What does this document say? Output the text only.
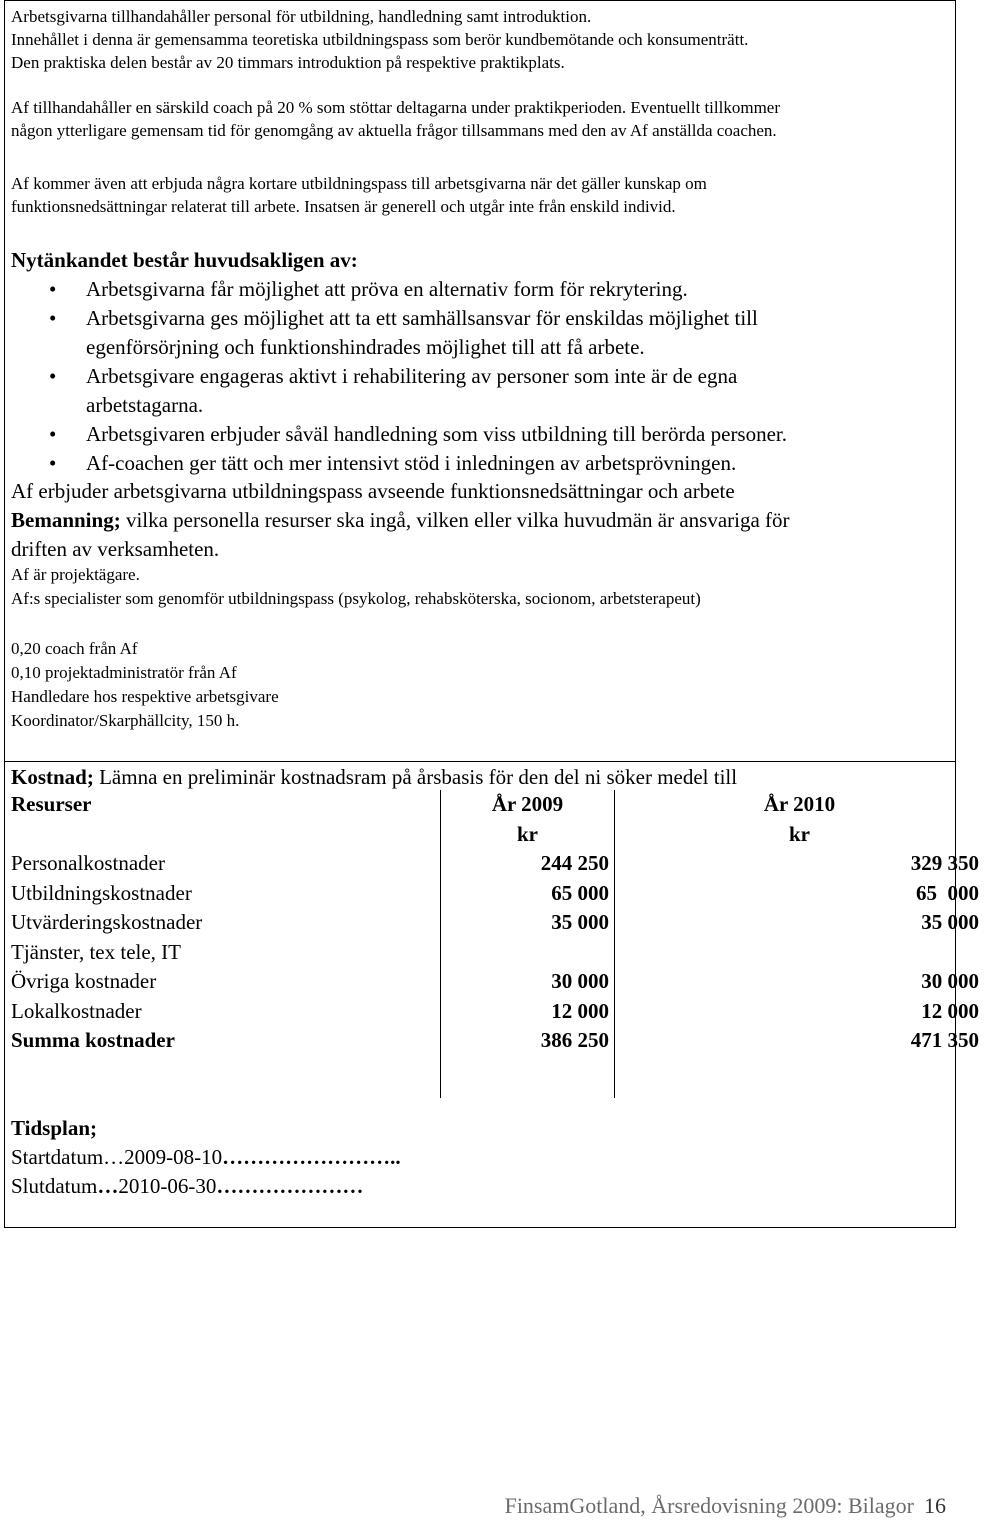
Arbetsgivarna tillhandahåller personal för utbildning, handledning samt introduktion.

Innehållet i denna är gemensamma teoretiska utbildningspass som berör kundbemötande och konsumenträtt.

Den praktiska delen består av 20 timmars introduktion på respektive praktikplats.

Af tillhandahåller en särskild coach på 20 % som stöttar deltagarna under praktikperioden. Eventuellt tillkommer

någon ytterligare gemensam tid för genomgång av aktuella frågor tillsammans med den av Af anställda coachen.

Af kommer även att erbjuda några kortare utbildningspass till arbetsgivarna när det gäller kunskap om

funktionsnedsättningar relaterat till arbete. Insatsen är generell och utgår inte från enskild individ.

Nytänkandet består huvudsakligen av:

• Arbetsgivarna får möjlighet att pröva en alternativ form för rekrytering.
• Arbetsgivarna ges möjlighet att ta ett samhällsansvar för enskildas möjlighet till
egenförsörjning och funktionshindrades möjlighet till att få arbete.
• Arbetsgivare engageras aktivt i rehabilitering av personer som inte är de egna
arbetstagarna.
• Arbetsgivaren erbjuder såväl handledning som viss utbildning till berörda personer.
• Af-coachen ger tätt och mer intensivt stöd i inledningen av arbetsprövningen.

Af erbjuder arbetsgivarna utbildningspass avseende funktionsnedsättningar och arbete

Bemanning; vilka personella resurser ska ingå, vilken eller vilka huvudmän är ansvariga för

driften av verksamheten.

Af är projektägare.

Af:s specialister som genomför utbildningspass (psykolog, rehabsköterska, socionom, arbetsterapeut)

0,20 coach från Af

0,10 projektadministratör från Af

Handledare hos respektive arbetsgivare

Koordinator/Skarphällcity, 150 h.

Kostnad; Lämna en preliminär kostnadsram på årsbasis för den del ni söker medel till

Resurser	År 2009	År 2010
	kr	kr
Personalkostnader	244 250	329 350
Utbildningskostnader	65 000	65  000
Utvärderingskostnader	35 000	35 000
Tjänster, tex tele, IT		
Övriga kostnader	30 000	30 000
Lokalkostnader	12 000	12 000
Summa kostnader	386 250	471 350

Tidsplan;

Startdatum…2009-08-10……………………..

Slutdatum…2010-06-30…………………

FinsamGotland, Årsredovisning 2009: Bilagor 16
